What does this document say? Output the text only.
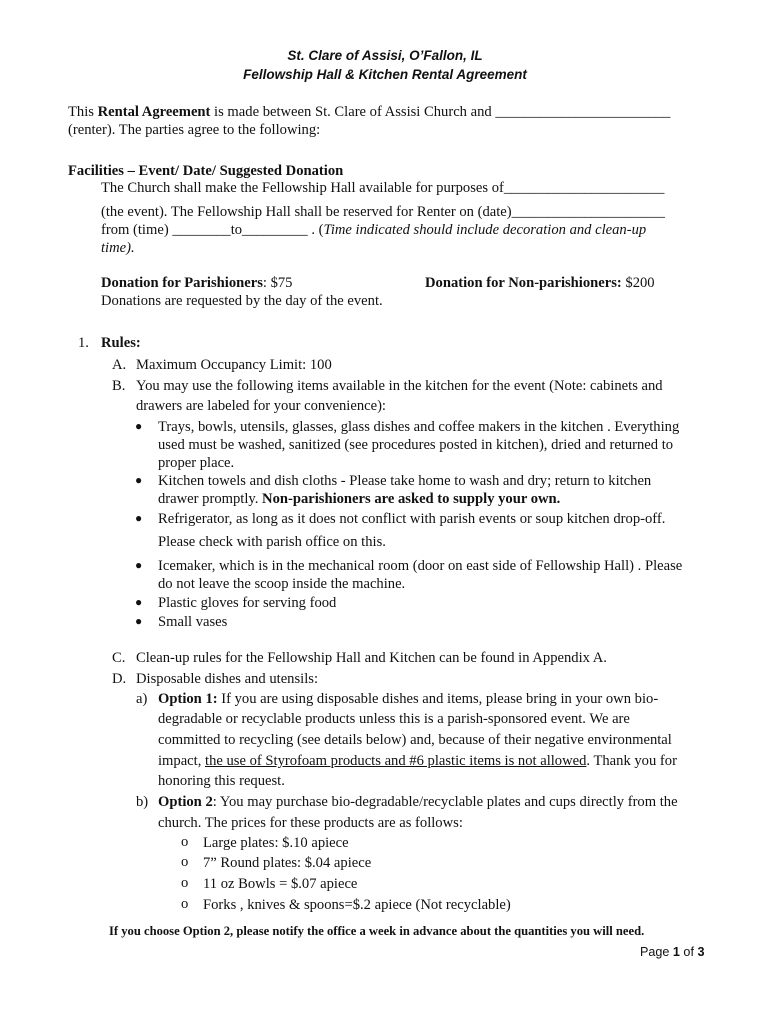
St. Clare of Assisi, O’Fallon, IL
Fellowship Hall & Kitchen Rental Agreement
This Rental Agreement is made between St. Clare of Assisi Church and ________________________
(renter). The parties agree to the following:
Facilities – Event/ Date/ Suggested Donation
The Church shall make the Fellowship Hall available for purposes of______________________
(the event). The Fellowship Hall shall be reserved for Renter on (date)_____________________
from (time) ________to_________ . (Time indicated should include decoration and clean-up
time).
Donation for Parishioners: $75	Donation for Non-parishioners: $200
Donations are requested by the day of the event.
1. Rules:
A. Maximum Occupancy Limit: 100
B. You may use the following items available in the kitchen for the event (Note: cabinets and
drawers are labeled for your convenience):
● Trays, bowls, utensils, glasses, glass dishes and coffee makers in the kitchen . Everything
used must be washed, sanitized (see procedures posted in kitchen), dried and returned to
proper place.
● Kitchen towels and dish cloths - Please take home to wash and dry; return to kitchen
drawer promptly. Non-parishioners are asked to supply your own.
● Refrigerator, as long as it does not conflict with parish events or soup kitchen drop-off.
Please check with parish office on this.
● Icemaker, which is in the mechanical room (door on east side of Fellowship Hall) . Please
do not leave the scoop inside the machine.
● Plastic gloves for serving food
● Small vases
C. Clean-up rules for the Fellowship Hall and Kitchen can be found in Appendix A.
D. Disposable dishes and utensils:
a) Option 1: If you are using disposable dishes and items, please bring in your own bio-
degradable or recyclable products unless this is a parish-sponsored event. We are
committed to recycling (see details below) and, because of their negative environmental
impact, the use of Styrofoam products and #6 plastic items is not allowed. Thank you for
honoring this request.
b) Option 2: You may purchase bio-degradable/recyclable plates and cups directly from the
church. The prices for these products are as follows:
o Large plates: $.10 apiece
o 7” Round plates: $.04 apiece
o 11 oz Bowls = $.07 apiece
o Forks , knives & spoons=$.2 apiece (Not recyclable)
If you choose Option 2, please notify the office a week in advance about the quantities you will need.
Page 1 of 3
